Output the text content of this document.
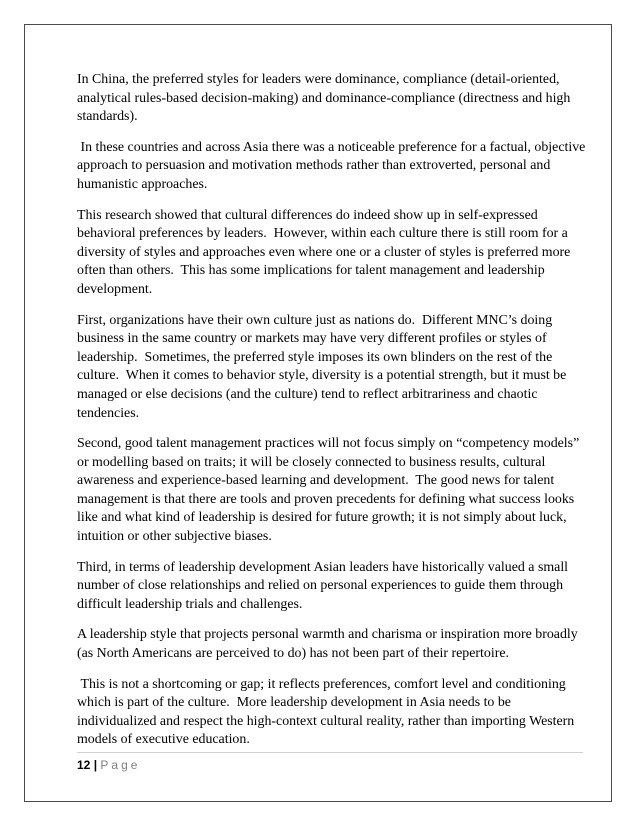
In China, the preferred styles for leaders were dominance, compliance (detail-oriented, analytical rules-based decision-making) and dominance-compliance (directness and high standards).

In these countries and across Asia there was a noticeable preference for a factual, objective approach to persuasion and motivation methods rather than extroverted, personal and humanistic approaches.

This research showed that cultural differences do indeed show up in self-expressed behavioral preferences by leaders.  However, within each culture there is still room for a diversity of styles and approaches even where one or a cluster of styles is preferred more often than others.  This has some implications for talent management and leadership development.

First, organizations have their own culture just as nations do.  Different MNC’s doing business in the same country or markets may have very different profiles or styles of leadership.  Sometimes, the preferred style imposes its own blinders on the rest of the culture.  When it comes to behavior style, diversity is a potential strength, but it must be managed or else decisions (and the culture) tend to reflect arbitrariness and chaotic tendencies.

Second, good talent management practices will not focus simply on “competency models” or modelling based on traits; it will be closely connected to business results, cultural awareness and experience-based learning and development.  The good news for talent management is that there are tools and proven precedents for defining what success looks like and what kind of leadership is desired for future growth; it is not simply about luck, intuition or other subjective biases.

Third, in terms of leadership development Asian leaders have historically valued a small number of close relationships and relied on personal experiences to guide them through difficult leadership trials and challenges.

A leadership style that projects personal warmth and charisma or inspiration more broadly (as North Americans are perceived to do) has not been part of their repertoire.

This is not a shortcoming or gap; it reflects preferences, comfort level and conditioning which is part of the culture.  More leadership development in Asia needs to be individualized and respect the high-context cultural reality, rather than importing Western models of executive education.

12 | Page
